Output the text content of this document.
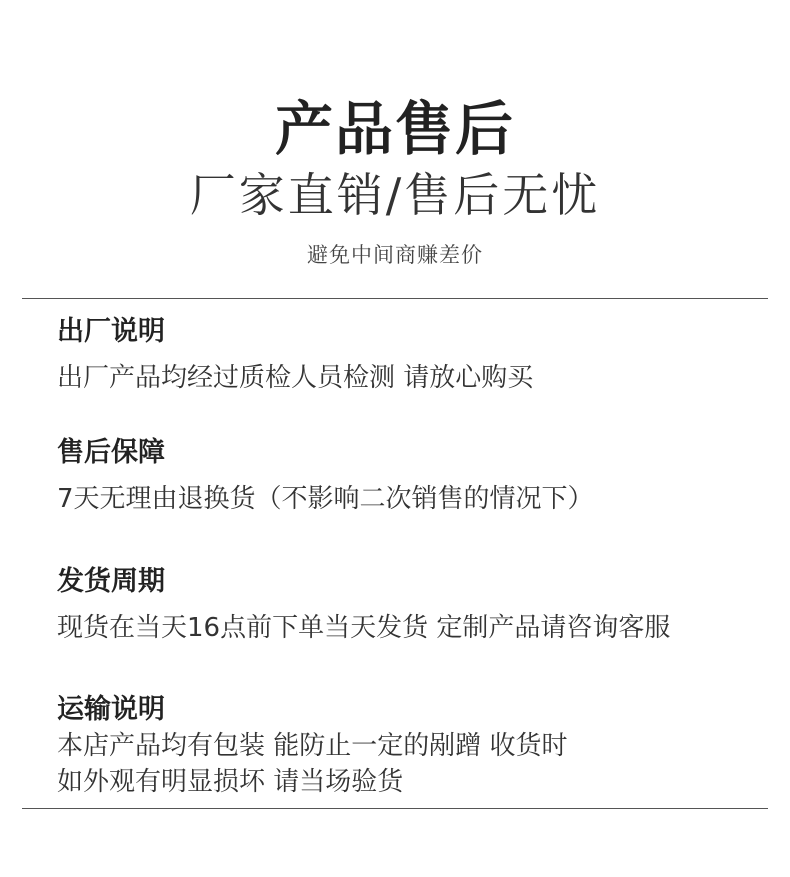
产品售后
厂家直销/售后无忧
避免中间商赚差价
出厂说明
出厂产品均经过质检人员检测 请放心购买
售后保障
7天无理由退换货（不影响二次销售的情况下）
发货周期
现货在当天16点前下单当天发货 定制产品请咨询客服
运输说明
本店产品均有包装 能防止一定的剐蹭 收货时
如外观有明显损坏 请当场验货
